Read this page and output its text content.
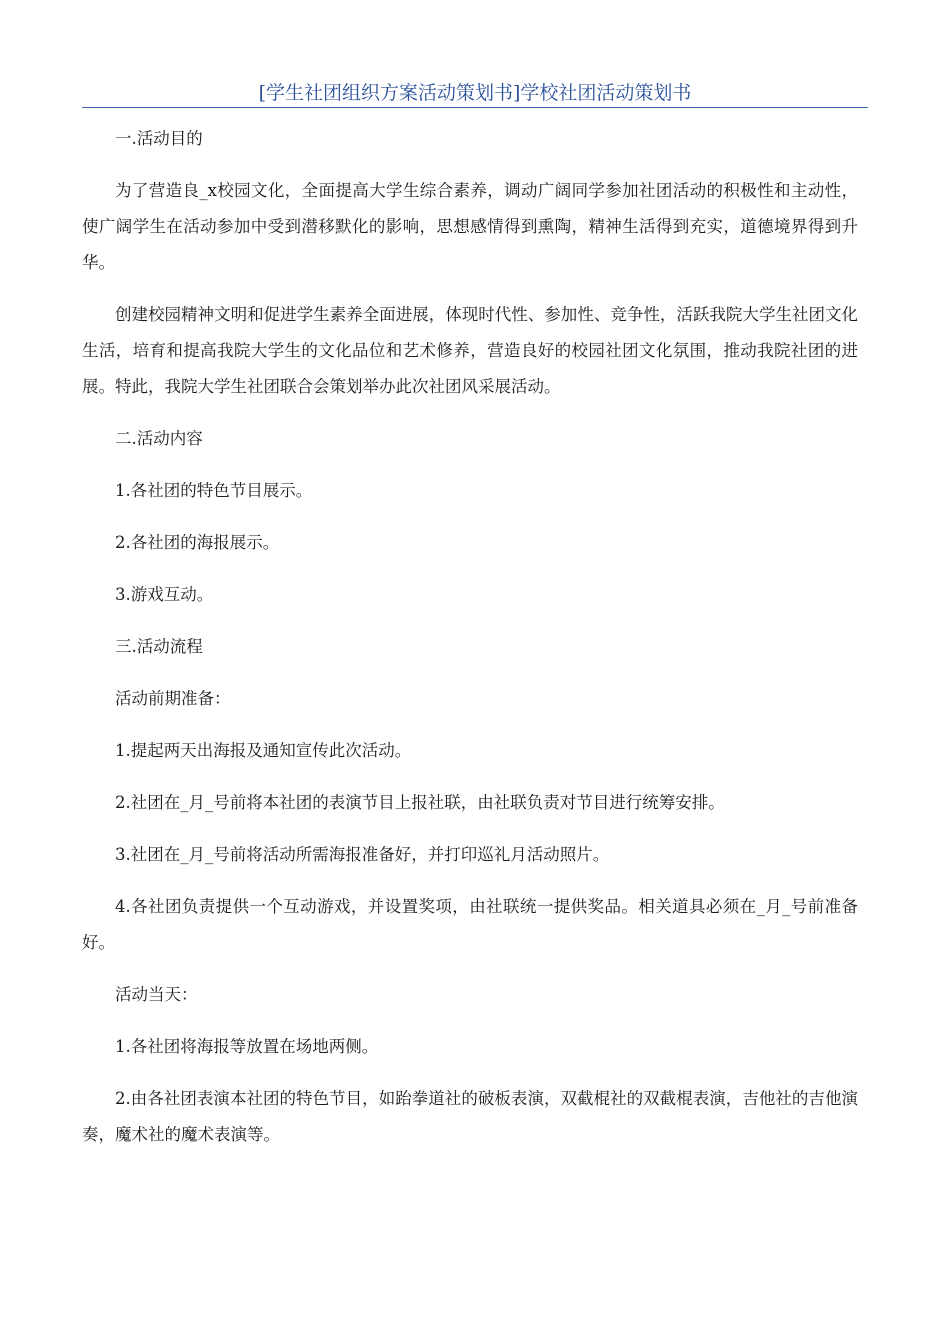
[学生社团组织方案活动策划书]学校社团活动策划书

一.活动目的

为了营造良_x校园文化，全面提高大学生综合素养，调动广阔同学参加社团活动的积极性和主动性，使广阔学生在活动参加中受到潜移默化的影响，思想感情得到熏陶，精神生活得到充实，道德境界得到升华。

创建校园精神文明和促进学生素养全面进展，体现时代性、参加性、竞争性，活跃我院大学生社团文化生活，培育和提高我院大学生的文化品位和艺术修养，营造良好的校园社团文化氛围，推动我院社团的进展。特此，我院大学生社团联合会策划举办此次社团风采展活动。

二.活动内容

1.各社团的特色节目展示。

2.各社团的海报展示。

3.游戏互动。

三.活动流程

活动前期准备：

1.提起两天出海报及通知宣传此次活动。

2.社团在_月_号前将本社团的表演节目上报社联，由社联负责对节目进行统筹安排。

3.社团在_月_号前将活动所需海报准备好，并打印巡礼月活动照片。

4.各社团负责提供一个互动游戏，并设置奖项，由社联统一提供奖品。相关道具必须在_月_号前准备好。

活动当天：

1.各社团将海报等放置在场地两侧。

2.由各社团表演本社团的特色节目，如跆拳道社的破板表演，双截棍社的双截棍表演，吉他社的吉他演奏，魔术社的魔术表演等。
